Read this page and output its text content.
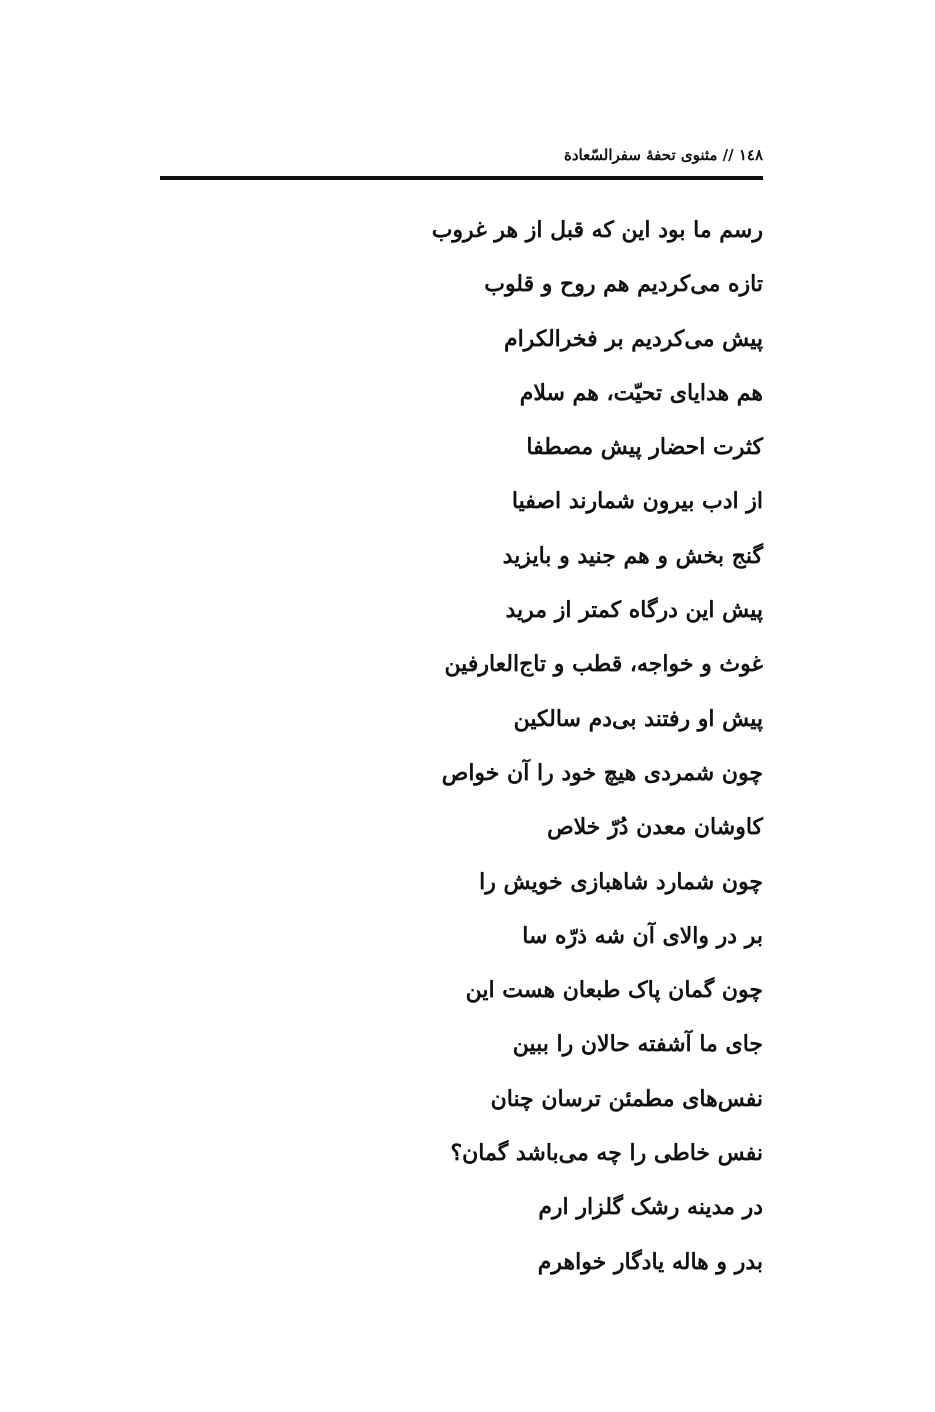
١٤٨ // مثنوی تحفۀ سفرالسّعادة
رسم ما بود این که قبل از هر غروب
تازه می‌کردیم هم روح و قلوب
پیش می‌کردیم بر فخرالکرام
هم هدایای تحیّت، هم سلام
کثرت احضار پیش مصطفا
از ادب بیرون شمارند اصفیا
گنج بخش و هم جنید و بایزید
پیش این درگاه کمتر از مرید
غوث و خواجه، قطب و تاج‌العارفین
پیش او رفتند بی‌دم سالکین
چون شمردی هیچ خود را آن خواص
کاوشان معدن دُرّ خلاص
چون شمارد شاهبازی خویش را
بر در والای آن شه ذرّه سا
چون گمان پاک طبعان هست این
جای ما آشفته حالان را ببین
نفس‌های مطمئن ترسان چنان
نفس خاطی را چه می‌باشد گمان؟
در مدینه رشک گلزار ارم
بدر و هاله یادگار خواهرم
